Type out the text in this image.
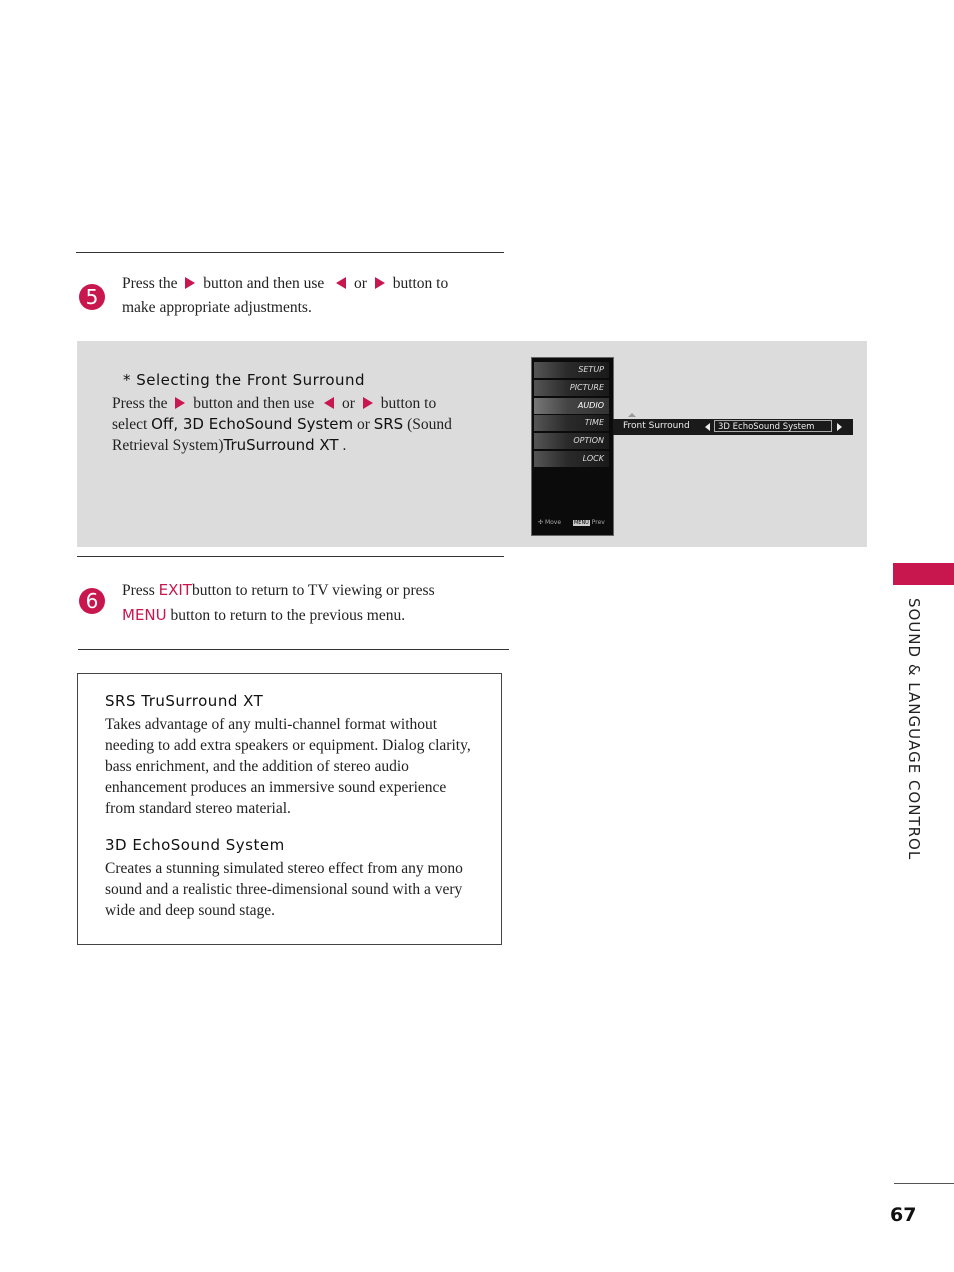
5
Press the button and then use or button to
make appropriate adjustments.
* Selecting the Front Surround
Press the button and then use or button to
select Off, 3D EchoSound System or SRS (Sound
Retrieval System)TruSurround XT .
SETUP
PICTURE
AUDIO
TIME
OPTION
LOCK
✣ Move	MENU Prev
Front Surround	3D EchoSound System
6	Press EXITbutton to return to TV viewing or press
MENU button to return to the previous menu.
SRS TruSurround XT
Takes advantage of any multi-channel format without needing to add extra speakers or equipment. Dialog clarity, bass enrichment, and the addition of stereo audio enhancement produces an immersive sound experience from standard stereo material.
3D EchoSound System
Creates a stunning simulated stereo effect from any mono sound and a realistic three-dimensional sound with a very wide and deep sound stage.
SOUND & LANGUAGE CONTROL
67
